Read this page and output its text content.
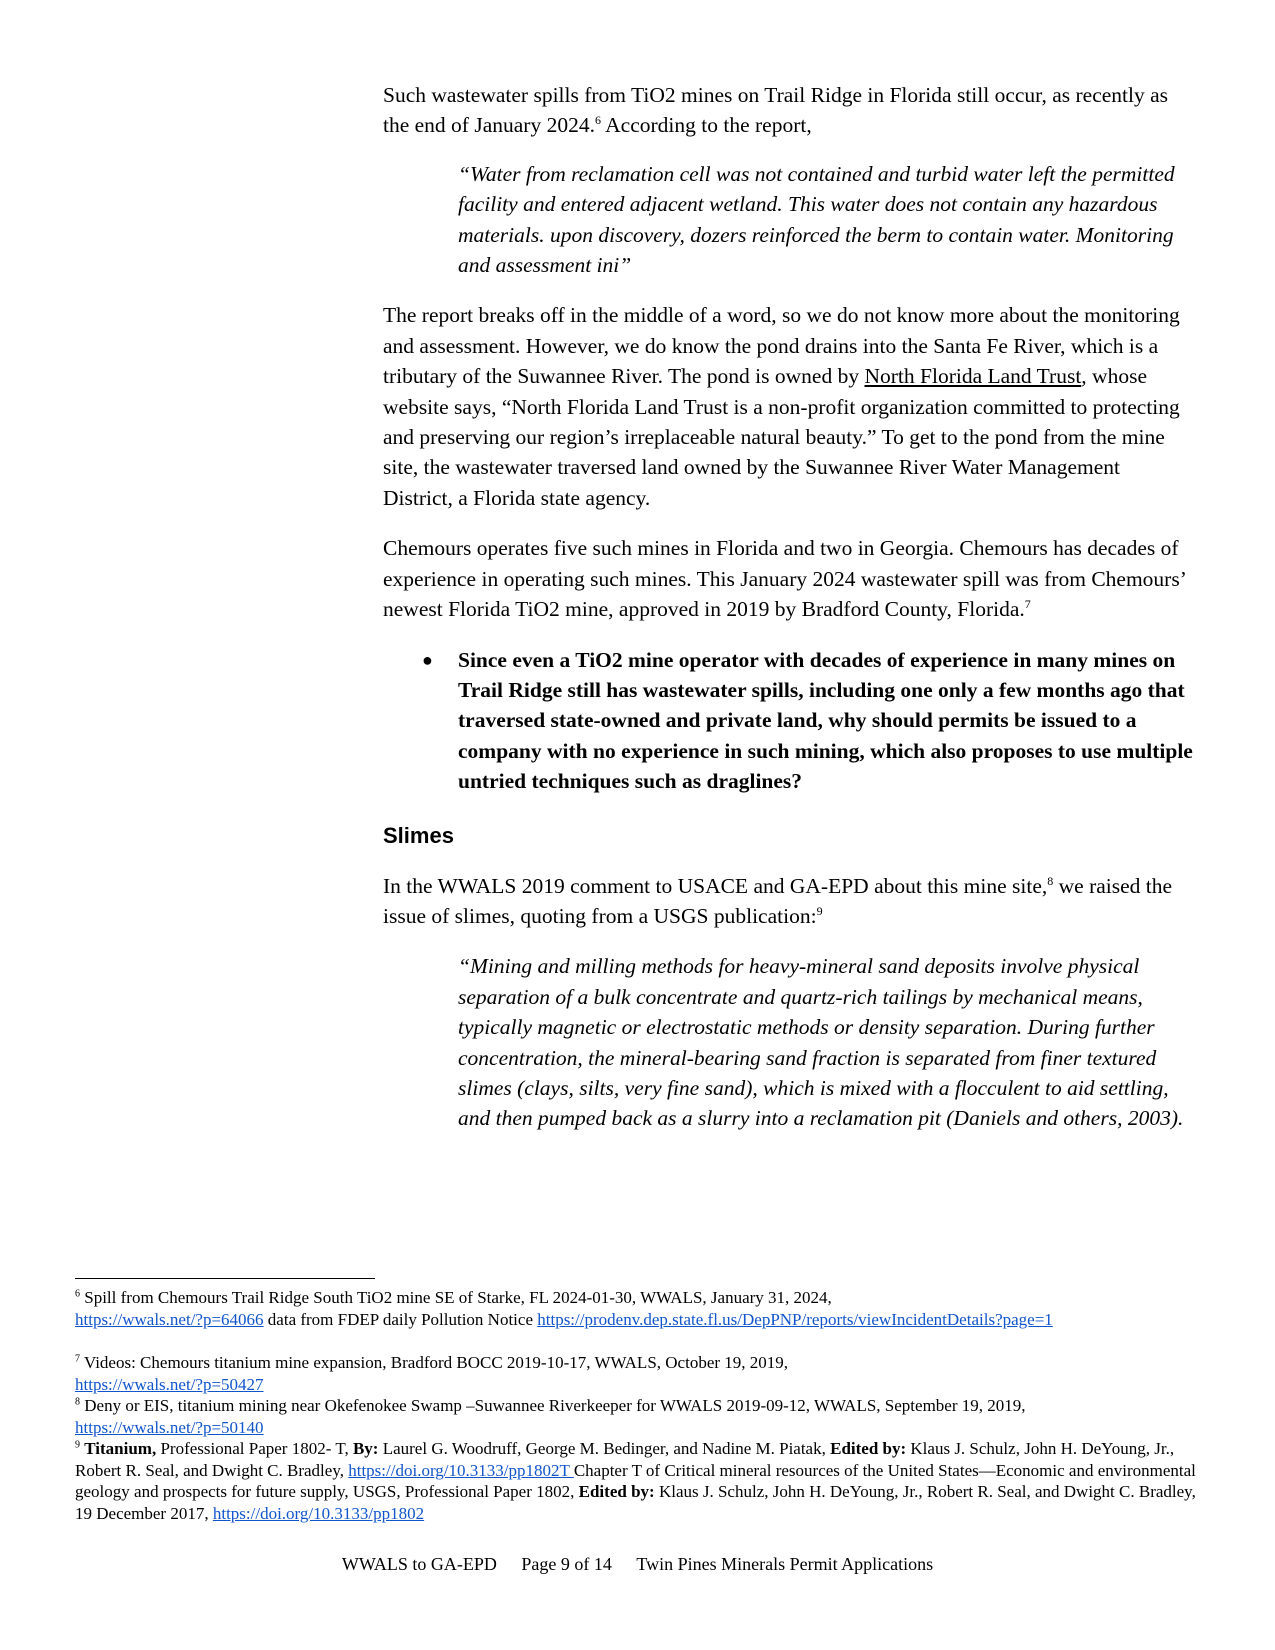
Such wastewater spills from TiO2 mines on Trail Ridge in Florida still occur, as recently as the end of January 2024.$^6$ According to the report,

“Water from reclamation cell was not contained and turbid water left the permitted facility and entered adjacent wetland. This water does not contain any hazardous materials. upon discovery, dozers reinforced the berm to contain water. Monitoring and assessment ini”

The report breaks off in the middle of a word, so we do not know more about the monitoring and assessment. However, we do know the pond drains into the Santa Fe River, which is a tributary of the Suwannee River. The pond is owned by North Florida Land Trust, whose website says, “North Florida Land Trust is a non-profit organization committed to protecting and preserving our region’s irreplaceable natural beauty.” To get to the pond from the mine site, the wastewater traversed land owned by the Suwannee River Water Management District, a Florida state agency.

Chemours operates five such mines in Florida and two in Georgia. Chemours has decades of experience in operating such mines. This January 2024 wastewater spill was from Chemours’ newest Florida TiO2 mine, approved in 2019 by Bradford County, Florida.$^7$

● Since even a TiO2 mine operator with decades of experience in many mines on Trail Ridge still has wastewater spills, including one only a few months ago that traversed state-owned and private land, why should permits be issued to a company with no experience in such mining, which also proposes to use multiple untried techniques such as draglines?
Slimes

In the WWALS 2019 comment to USACE and GA-EPD about this mine site,$^8$ we raised the issue of slimes, quoting from a USGS publication:$^9$

“Mining and milling methods for heavy-mineral sand deposits involve physical separation of a bulk concentrate and quartz-rich tailings by mechanical means, typically magnetic or electrostatic methods or density separation. During further concentration, the mineral-bearing sand fraction is separated from finer textured slimes (clays, silts, very fine sand), which is mixed with a flocculent to aid settling, and then pumped back as a slurry into a reclamation pit (Daniels and others, 2003).

$^6$ Spill from Chemours Trail Ridge South TiO2 mine SE of Starke, FL 2024-01-30, WWALS, January 31, 2024,
https://wwals.net/?p=64066 data from FDEP daily Pollution Notice https://prodenv.dep.state.fl.us/DepPNP/reports/viewIncidentDetails?page=1
$^7$ Videos: Chemours titanium mine expansion, Bradford BOCC 2019-10-17, WWALS, October 19, 2019,
https://wwals.net/?p=50427
$^8$ Deny or EIS, titanium mining near Okefenokee Swamp –Suwannee Riverkeeper for WWALS 2019-09-12, WWALS, September 19, 2019,
https://wwals.net/?p=50140
$^9$ Titanium, Professional Paper 1802- T, By: Laurel G. Woodruff, George M. Bedinger, and Nadine M. Piatak, Edited by: Klaus J. Schulz, John H. DeYoung, Jr., Robert R. Seal, and Dwight C. Bradley, https://doi.org/10.3133/pp1802T Chapter T of Critical mineral resources of the United States—Economic and environmental geology and prospects for future supply, USGS, Professional Paper 1802, Edited by: Klaus J. Schulz, John H. DeYoung, Jr., Robert R. Seal, and Dwight C. Bradley, 19 December 2017, https://doi.org/10.3133/pp1802
WWALS to GA-EPD Page 9 of 14 Twin Pines Minerals Permit Applications
